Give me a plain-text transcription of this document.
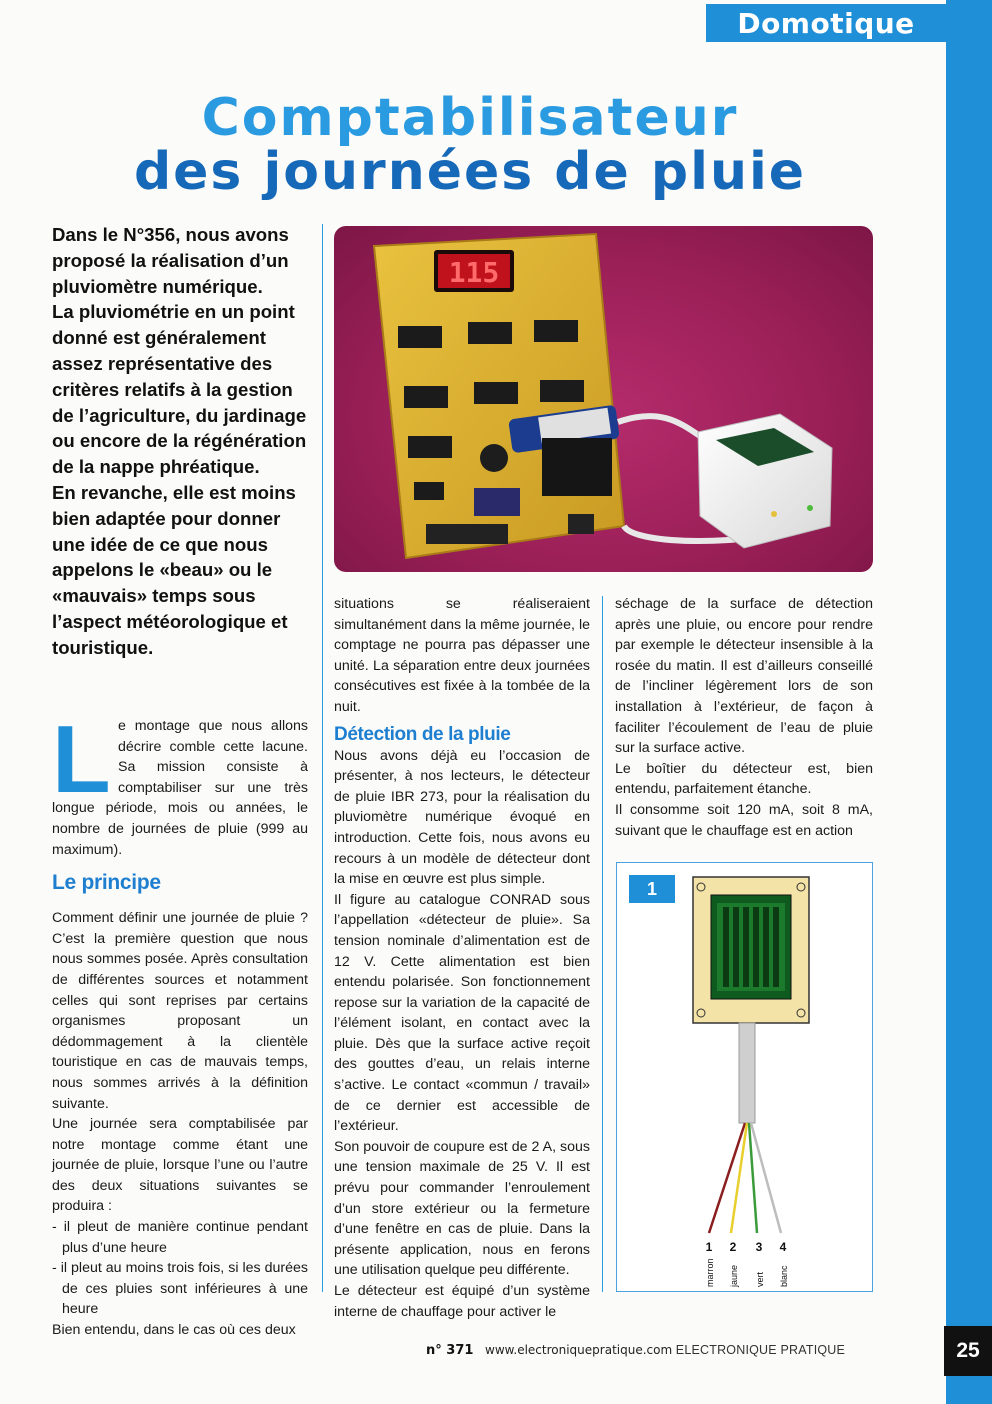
Domotique
25
Comptabilisateur
des journées de pluie

Dans le N°356, nous avons proposé la réalisation d’un pluviomètre numérique.

La pluviométrie en un point donné est généralement assez représentative des critères relatifs à la gestion de l’agriculture, du jardinage ou encore de la régénération de la nappe phréatique.

En revanche, elle est moins bien adaptée pour donner une idée de ce que nous appelons le «beau» ou le «mauvais» temps sous l’aspect météorologique et touristique.

115
L e montage que nous allons décrire comble cette lacune. Sa mission consiste à comptabiliser sur une très longue période, mois ou années, le nombre de journées de pluie (999 au maximum).

Le principe

Comment définir une journée de pluie ? C’est la première question que nous nous sommes posée. Après consultation de différentes sources et notamment celles qui sont reprises par certains organismes proposant un dédommagement à la clientèle touristique en cas de mauvais temps, nous sommes arrivés à la définition suivante.

Une journée sera comptabilisée par notre montage comme étant une journée de pluie, lorsque l’une ou l’autre des deux situations suivantes se produira :

- il pleut de manière continue pendant plus d’une heure

- il pleut au moins trois fois, si les durées de ces pluies sont inférieures à une heure

Bien entendu, dans le cas où ces deux

situations se réaliseraient simultanément dans la même journée, le comptage ne pourra pas dépasser une unité. La séparation entre deux journées consécutives est fixée à la tombée de la nuit.

Détection de la pluie

Nous avons déjà eu l’occasion de présenter, à nos lecteurs, le détecteur de pluie IBR 273, pour la réalisation du pluviomètre numérique évoqué en introduction. Cette fois, nous avons eu recours à un modèle de détecteur dont la mise en œuvre est plus simple.

Il figure au catalogue CONRAD sous l’appellation «détecteur de pluie». Sa tension nominale d’alimentation est de 12 V. Cette alimentation est bien entendu polarisée. Son fonctionnement repose sur la variation de la capacité de l’élément isolant, en contact avec la pluie. Dès que la surface active reçoit des gouttes d’eau, un relais interne s’active. Le contact «commun / travail» de ce dernier est accessible de l’extérieur.

Son pouvoir de coupure est de 2 A, sous une tension maximale de 25 V. Il est prévu pour commander l’enroulement d’un store extérieur ou la fermeture d’une fenêtre en cas de pluie. Dans la présente application, nous en ferons une utilisation quelque peu différente.

Le détecteur est équipé d’un système interne de chauffage pour activer le

séchage de la surface de détection après une pluie, ou encore pour rendre par exemple le détecteur insensible à la rosée du matin. Il est d’ailleurs conseillé de l’incliner légèrement lors de son installation à l’extérieur, de façon à faciliter l’écoulement de l’eau de pluie sur la surface active.

Le boîtier du détecteur est, bien entendu, parfaitement étanche.

Il consomme soit 120 mA, soit 8 mA, suivant que le chauffage est en action

1
1 2 3 4
marron jaune vert blanc
n° 371 www.electroniquepratique.com ELECTRONIQUE PRATIQUE
